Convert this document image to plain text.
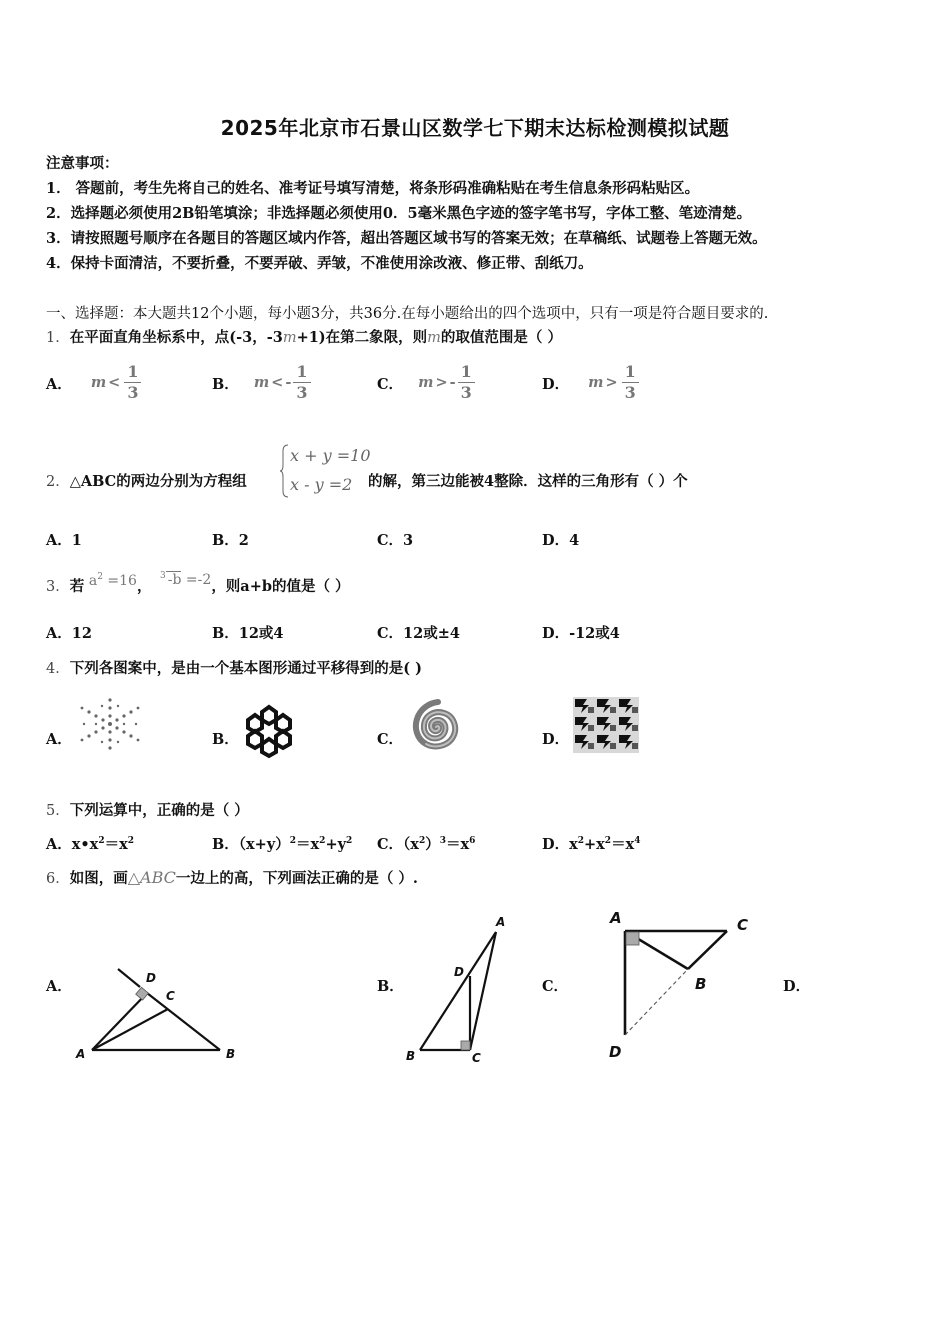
2025年北京市石景山区数学七下期末达标检测模拟试题
注意事项：
1． 答题前，考生先将自己的姓名、准考证号填写清楚，将条形码准确粘贴在考生信息条形码粘贴区。
2．选择题必须使用2B铅笔填涂；非选择题必须使用0．5毫米黑色字迹的签字笔书写，字体工整、笔迹清楚。
3．请按照题号顺序在各题目的答题区域内作答，超出答题区域书写的答案无效；在草稿纸、试题卷上答题无效。
4．保持卡面清洁，不要折叠，不要弄破、弄皱，不准使用涂改液、修正带、刮纸刀。
一、选择题：本大题共12个小题，每小题3分，共36分.在每小题给出的四个选项中，只有一项是符合题目要求的.
1．在平面直角坐标系中，点(-3，-3m+1)在第二象限，则m的取值范围是（ ）
A． $m < \frac{1}{3}$	B． m < - $\frac{1}{3}$	C． m > - $\frac{1}{3}$	D． $m > \frac{1}{3}$
2．△ABC的两边分别为方程组
x + y =10
x - y =2 的解，第三边能被4整除．这样的三角形有（ ）个
A．1	B．2	C．3	D．4
3．若 $a^2 =16$， $^3$ -b =-2，则a+b的值是（ ）
A．12	B．12或4	C．12或±4	D．-12或4
4．下列各图案中，是由一个基本图形通过平移得到的是( )
A．	B．	C．	D．
5．下列运算中，正确的是（ ）
A．$x•x^2=x^2$	B．$(x+y)^2=x^2+y^2$ C．$(x^2)^3=x^6$	D．$x^2+x^2=x^4$
6．如图，画△ABC一边上的高，下列画法正确的是（ ）.
A．
A	B
C
D	B．
A
B	C
D
C．
A
B
C
D
D．
